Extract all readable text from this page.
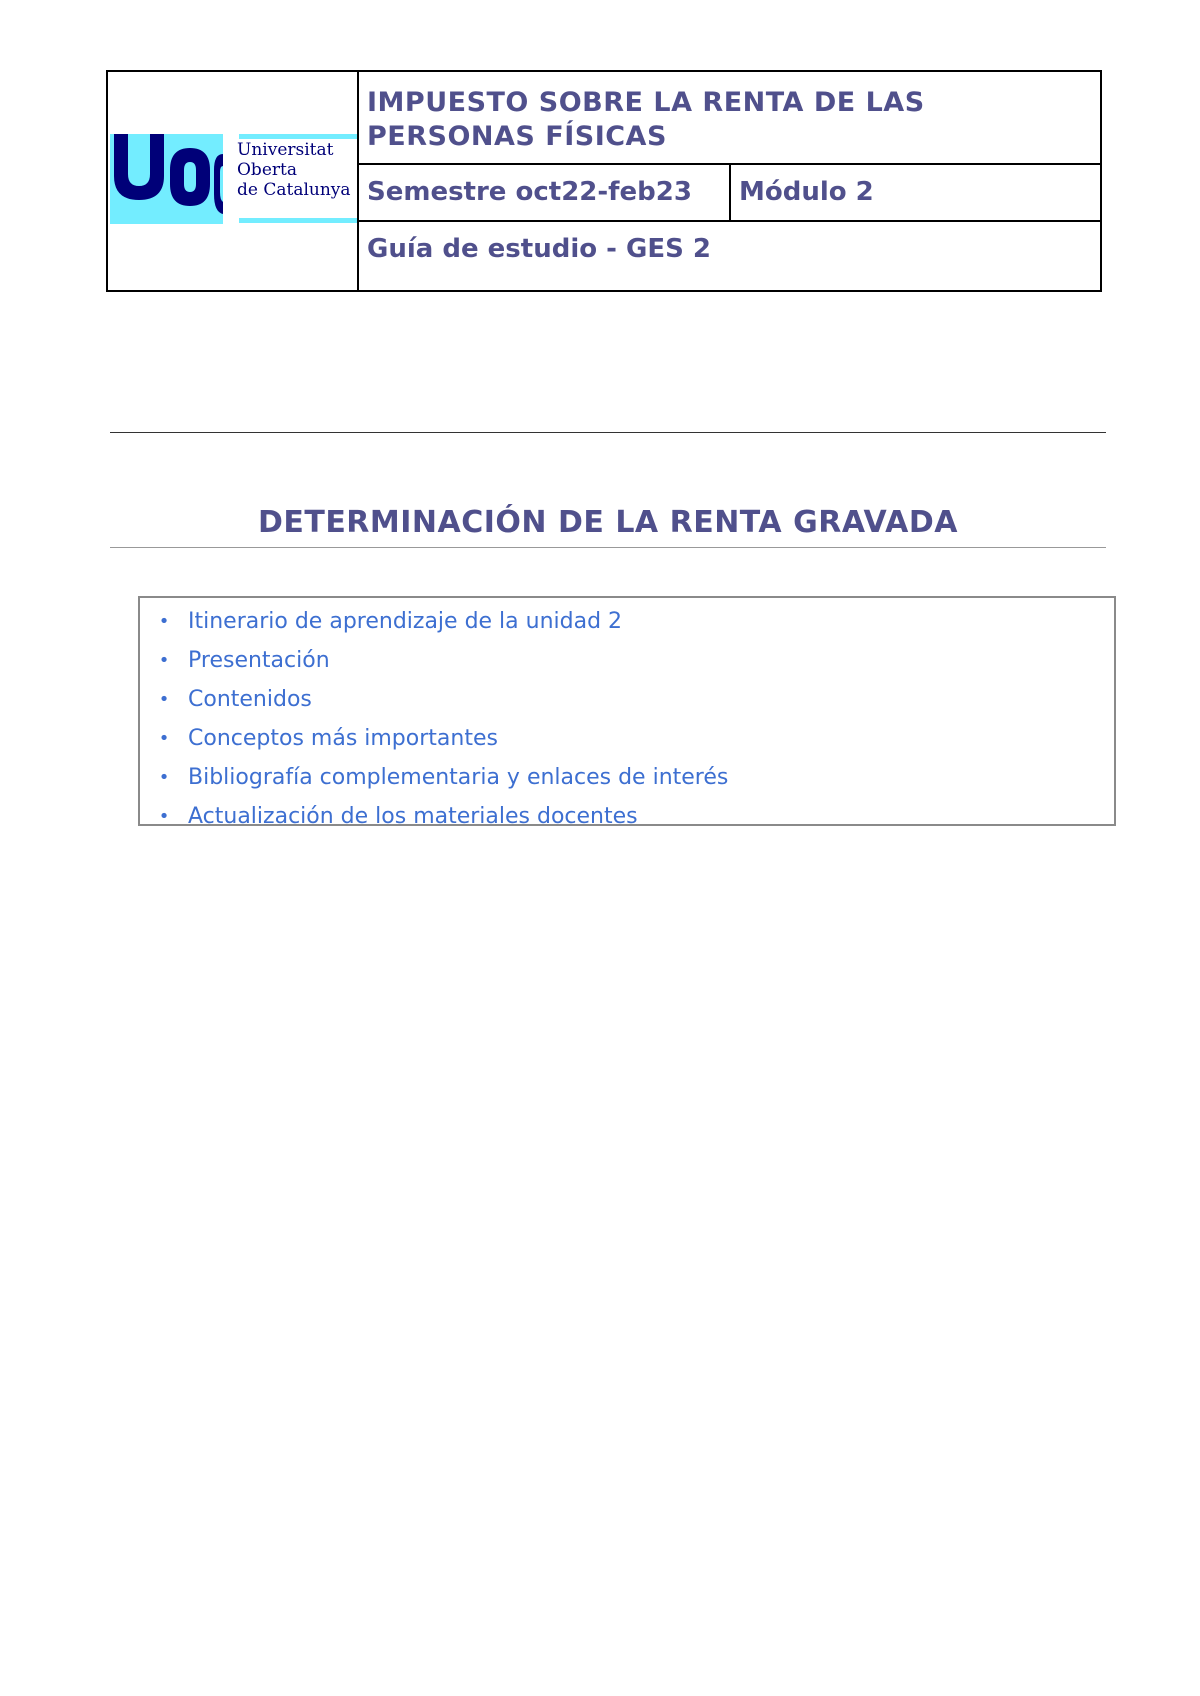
Universitat
Oberta
de Catalunya
IMPUESTO SOBRE LA RENTA DE LAS PERSONAS FÍSICAS
Semestre oct22-feb23	Módulo 2
Guía de estudio - GES 2
DETERMINACIÓN DE LA RENTA GRAVADA
• Itinerario de aprendizaje de la unidad 2
• Presentación
• Contenidos
• Conceptos más importantes
• Bibliografía complementaria y enlaces de interés
• Actualización de los materiales docentes
